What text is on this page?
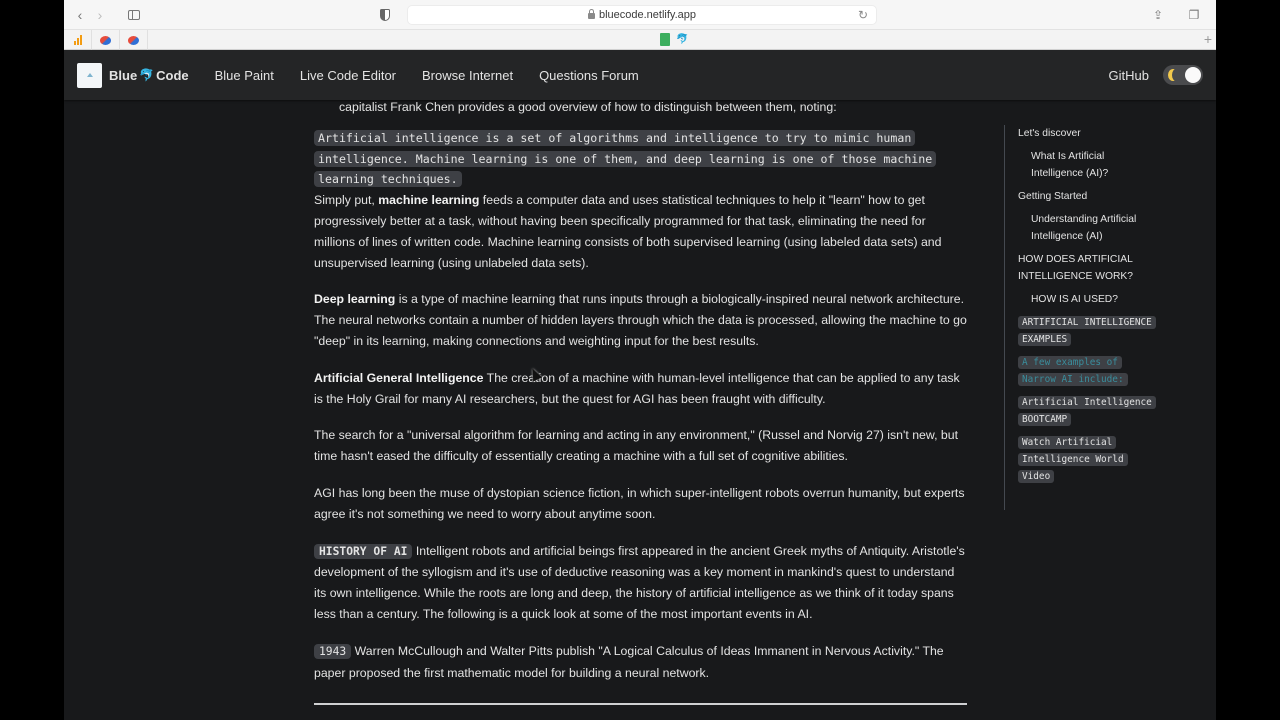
‹	›	bluecode.netlify.app	↻	⇪	❐
🐬	+
Blue 🐬 Code Blue Paint Live Code Editor Browse Internet Questions Forum	GitHub

capitalist Frank Chen provides a good overview of how to distinguish between them, noting:

Artificial intelligence is a set of algorithms and intelligence to try to mimic human intelligence. Machine learning is one of them, and deep learning is one of those machine learning techniques.

Simply put, machine learning feeds a computer data and uses statistical techniques to help it "learn" how to get progressively better at a task, without having been specifically programmed for that task, eliminating the need for millions of lines of written code. Machine learning consists of both supervised learning (using labeled data sets) and unsupervised learning (using unlabeled data sets).

Deep learning is a type of machine learning that runs inputs through a biologically-inspired neural network architecture. The neural networks contain a number of hidden layers through which the data is processed, allowing the machine to go "deep" in its learning, making connections and weighting input for the best results.

Artificial General Intelligence The creation of a machine with human-level intelligence that can be applied to any task is the Holy Grail for many AI researchers, but the quest for AGI has been fraught with difficulty.

The search for a "universal algorithm for learning and acting in any environment," (Russel and Norvig 27) isn't new, but time hasn't eased the difficulty of essentially creating a machine with a full set of cognitive abilities.

AGI has long been the muse of dystopian science fiction, in which super-intelligent robots overrun humanity, but experts agree it's not something we need to worry about anytime soon.

HISTORY OF AI Intelligent robots and artificial beings first appeared in the ancient Greek myths of Antiquity. Aristotle's development of the syllogism and it's use of deductive reasoning was a key moment in mankind's quest to understand its own intelligence. While the roots are long and deep, the history of artificial intelligence as we think of it today spans less than a century. The following is a quick look at some of the most important events in AI.

1943 Warren McCullough and Walter Pitts publish "A Logical Calculus of Ideas Immanent in Nervous Activity." The paper proposed the first mathematic model for building a neural network.

Let's discover
What Is Artificial Intelligence (AI)?
Getting Started
Understanding Artificial Intelligence (AI)
HOW DOES ARTIFICIAL INTELLIGENCE WORK?
HOW IS AI USED?
ARTIFICIAL INTELLIGENCE EXAMPLES
A few examples of Narrow AI include:
Artificial Intelligence BOOTCAMP
Watch Artificial Intelligence World Video
